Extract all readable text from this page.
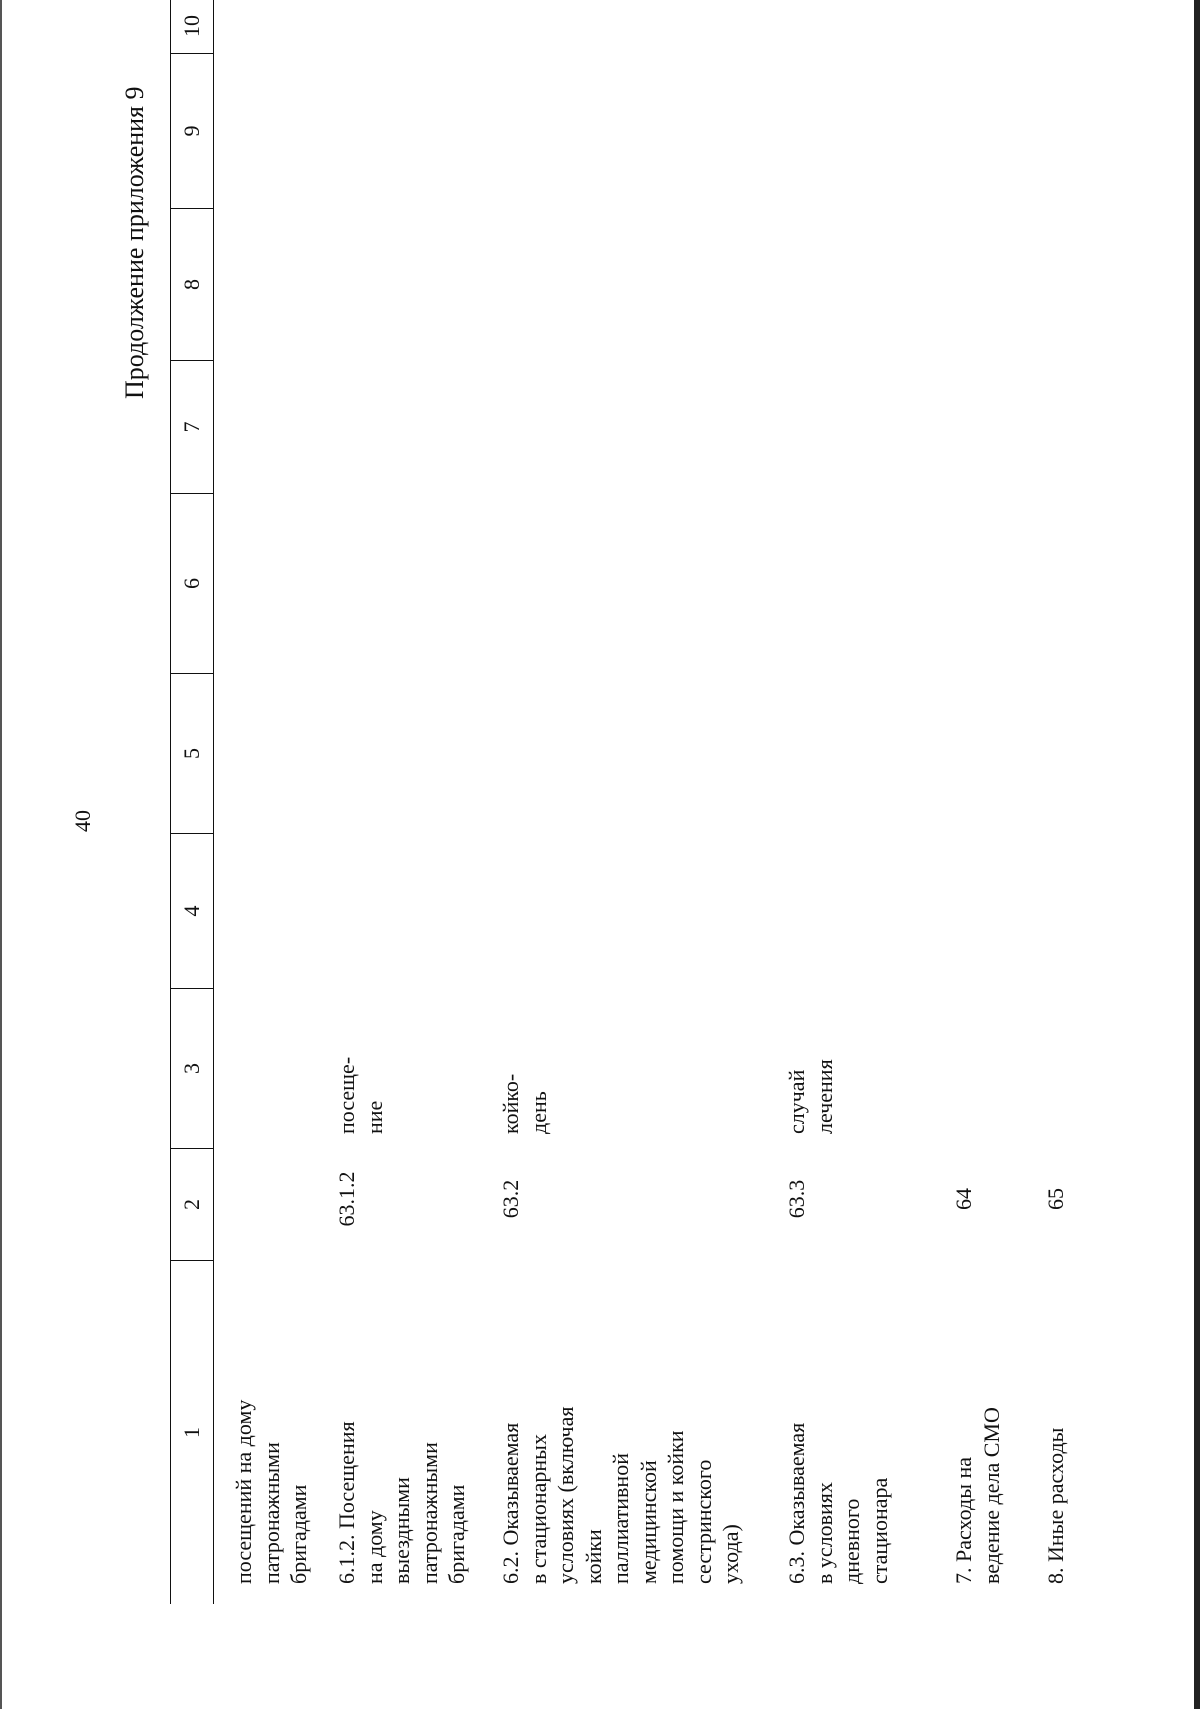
40
Продолжение приложения 9
1
2
3
4
5
6
7
8
9
10
посещений на дому
патронажными
бригадами 6.1.2. Посещения
на дому
выездными
патронажными
бригадами
63.1.2
посеще-
ние
6.2. Оказываемая
в стационарных
условиях (включая
койки
паллиативной
медицинской
помощи и койки
сестринского
ухода)
63.2
койко-
день
6.3. Оказываемая
в условиях
дневного
стационара
63.3
случай
лечения
7. Расходы на
ведение дела СМО
64
8. Иные расходы
65
